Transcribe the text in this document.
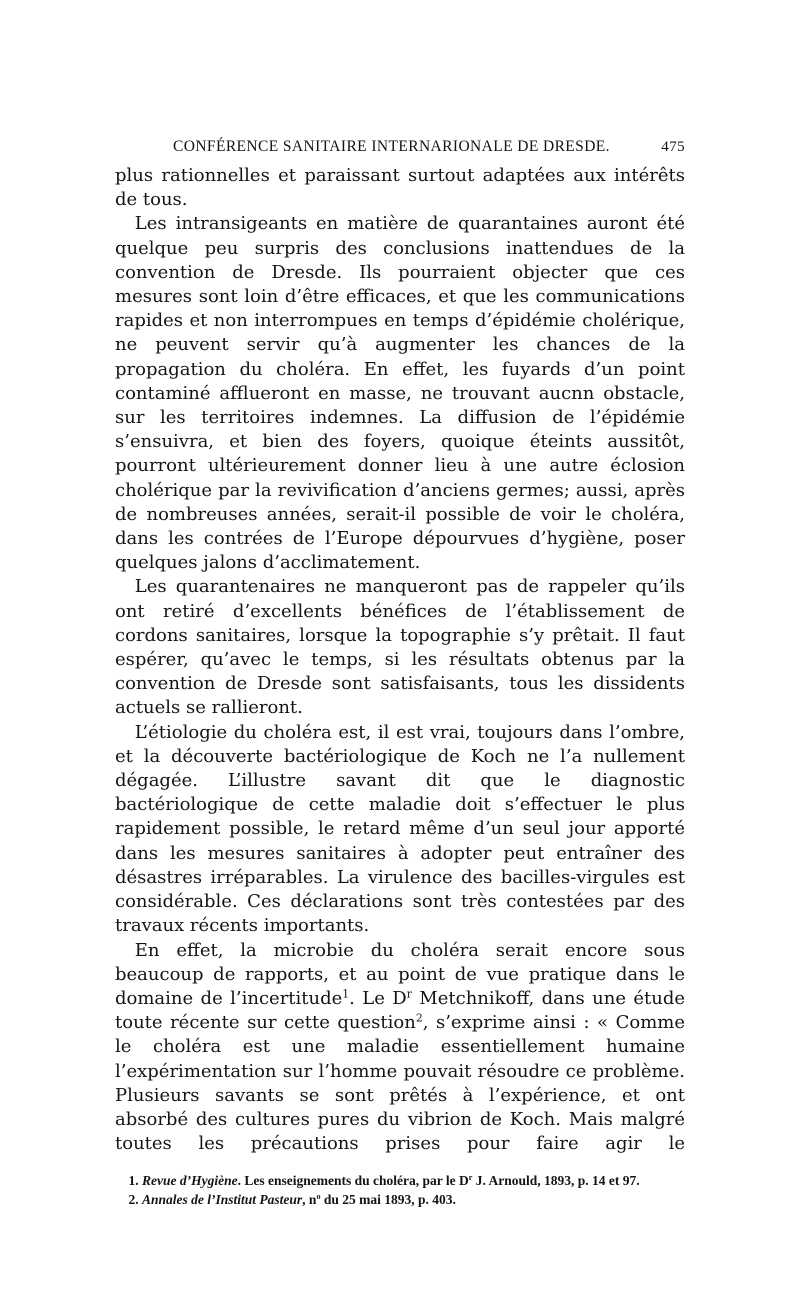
CONFÉRENCE SANITAIRE INTERNARIONALE DE DRESDE.	475

plus rationnelles et paraissant surtout adaptées aux intérêts de tous.

Les intransigeants en matière de quarantaines auront été quelque peu surpris des conclusions inattendues de la convention de Dresde. Ils pourraient objecter que ces mesures sont loin d’être efficaces, et que les communications rapides et non interrompues en temps d’épidémie cholérique, ne peuvent servir qu’à augmenter les chances de la propagation du choléra. En effet, les fuyards d’un point contaminé afflueront en masse, ne trouvant aucnn obstacle, sur les territoires indemnes. La diffusion de l’épidémie s’ensuivra, et bien des foyers, quoique éteints aussitôt, pourront ultérieurement donner lieu à une autre éclosion cholérique par la revivification d’anciens germes; aussi, après de nombreuses années, serait-il possible de voir le choléra, dans les contrées de l’Europe dépourvues d’hygiène, poser quelques jalons d’acclimatement.

Les quarantenaires ne manqueront pas de rappeler qu’ils ont retiré d’excellents bénéfices de l’établissement de cordons sanitaires, lorsque la topographie s’y prêtait. Il faut espérer, qu’avec le temps, si les résultats obtenus par la convention de Dresde sont satisfaisants, tous les dissidents actuels se rallieront.

L’étiologie du choléra est, il est vrai, toujours dans l’ombre, et la découverte bactériologique de Koch ne l’a nullement dégagée. L’illustre savant dit que le diagnostic bactériologique de cette maladie doit s’effectuer le plus rapidement possible, le retard même d’un seul jour apporté dans les mesures sanitaires à adopter peut entraîner des désastres irréparables. La virulence des bacilles-virgules est considérable. Ces déclarations sont très contestées par des travaux récents importants.

En effet, la microbie du choléra serait encore sous beaucoup de rapports, et au point de vue pratique dans le domaine de l’incertitude$^1$. Le $D^r$ Metchnikoff, dans une étude toute récente sur cette question$^2$, s’exprime ainsi : « Comme le choléra est une maladie essentiellement humaine l’expérimentation sur l’homme pouvait résoudre ce problème. Plusieurs savants se sont prêtés à l’expérience, et ont absorbé des cultures pures du vibrion de Koch. Mais malgré toutes les précautions prises pour faire agir le

1. Revue d’Hygiène. Les enseignements du choléra, par le $D^r$ J. Arnould, 1893, p. 14 et 97.

2. Annales de l’Institut Pasteur, $n^o$ du 25 mai 1893, p. 403.
